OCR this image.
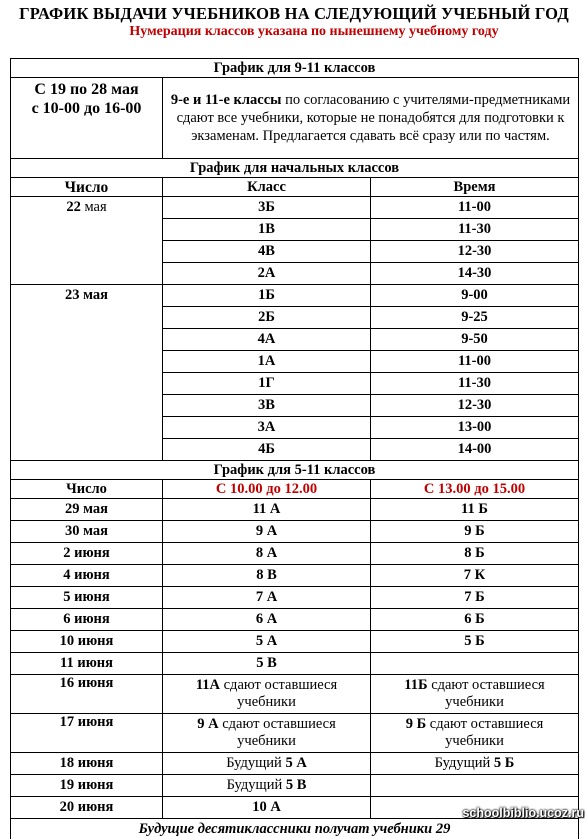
ГРАФИК ВЫДАЧИ УЧЕБНИКОВ НА СЛЕДУЮЩИЙ УЧЕБНЫЙ ГОД
Нумерация классов указана по нынешнему учебному году
График для 9-11 классов		

С 19 по 28 мая
с 10-00 до 16-00	9-е и 11-е классы по согласованию с учителями-предметниками сдают все учебники, которые не понадобятся для подготовки к экзаменам. Предлагается сдавать всё сразу или по частям.	
График для начальных классов		
Число	Класс	Время
22 мая	3Б	11-00
	1В	11-30
	4В	12-30
	2А	14-30
23 мая	1Б	9-00
	2Б	9-25
	4А	9-50
	1А	11-00
	1Г	11-30
	3В	12-30
	3А	13-00
	4Б	14-00
График для 5-11 классов		
Число	С 10.00 до 12.00	С 13.00 до 15.00
29 мая	11 А	11 Б
30 мая	9 А	9 Б
2 июня	8 А	8 Б
4 июня	8 В	7 К
5 июня	7 А	7 Б
6 июня	6 А	6 Б
10 июня	5 А	5 Б
11 июня	5 В	
16 июня	11А сдают оставшиеся учебники	11Б сдают оставшиеся учебники
17 июня	9 А сдают оставшиеся учебники	9 Б сдают оставшиеся учебники
18 июня	Будущий 5 А	Будущий 5 Б
19 июня	Будущий 5 В	
20 июня	10 А	
Будущие десятиклассники получат учебники 29		
schoolbiblio.ucoz.ru
